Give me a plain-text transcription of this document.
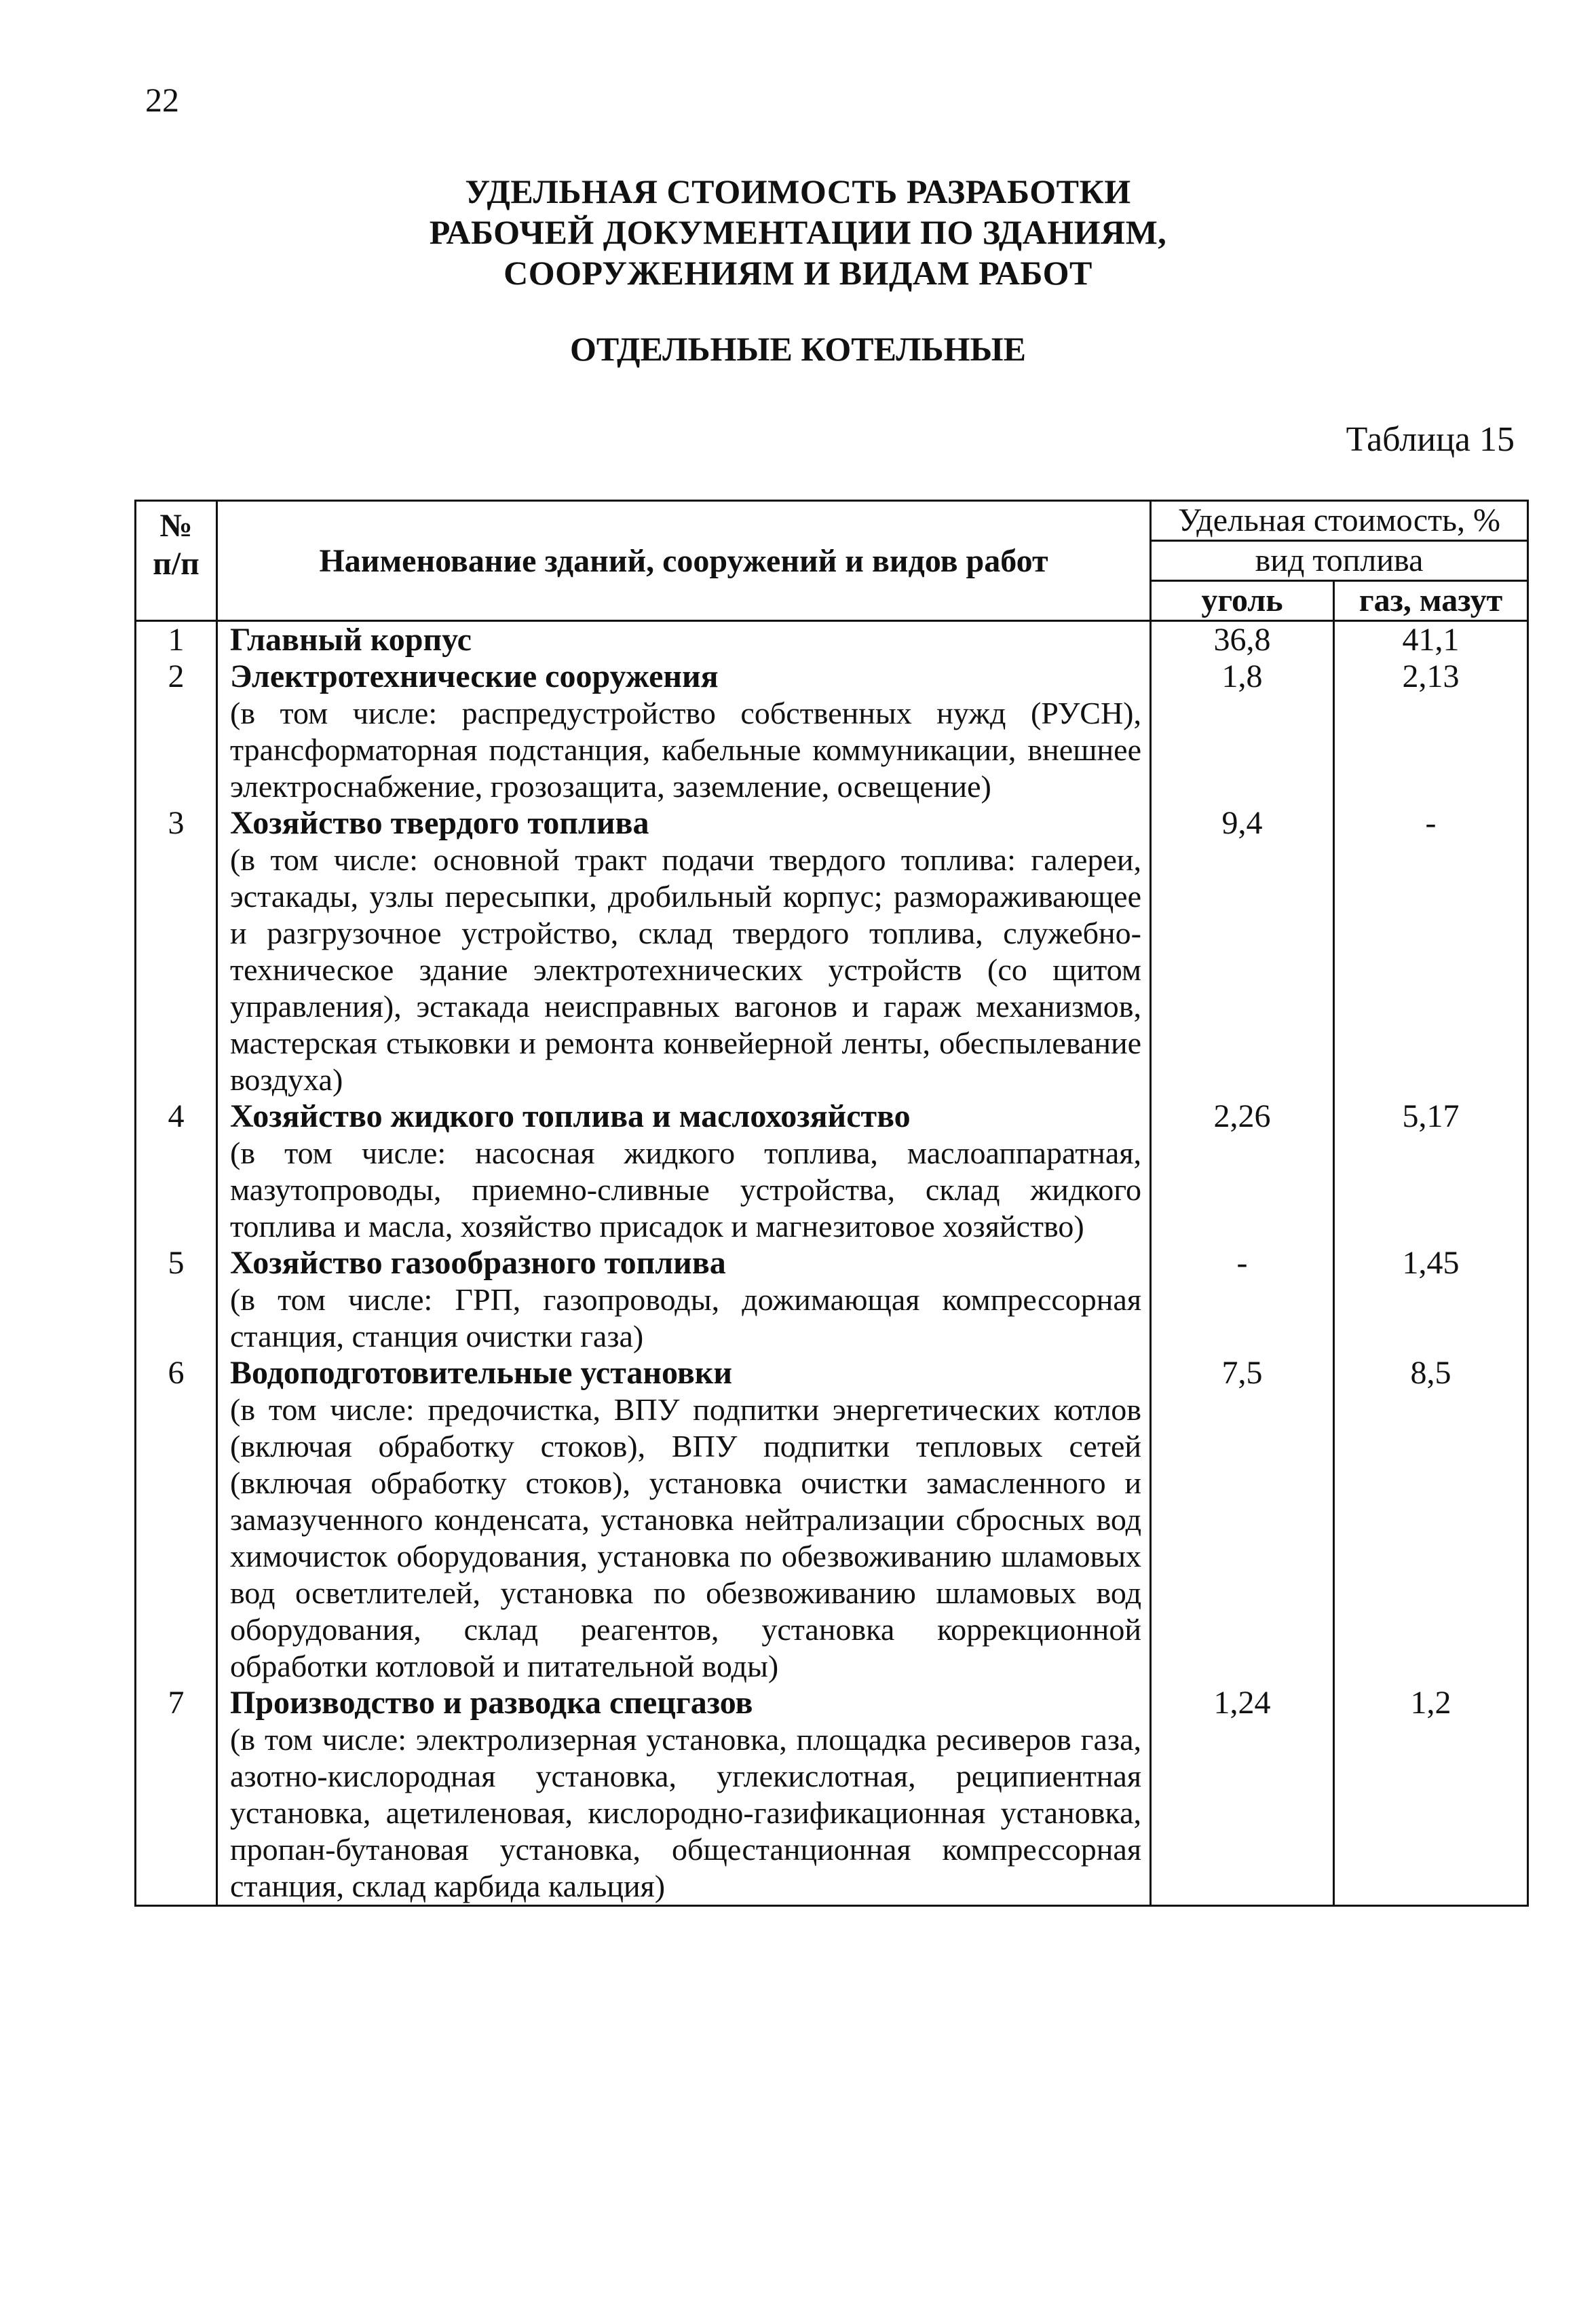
22
УДЕЛЬНАЯ СТОИМОСТЬ РАЗРАБОТКИ
РАБОЧЕЙ ДОКУМЕНТАЦИИ ПО ЗДАНИЯМ,
СООРУЖЕНИЯМ И ВИДАМ РАБОТ
ОТДЕЛЬНЫЕ КОТЕЛЬНЫЕ
Таблица 15
№
п/п	Наименование зданий, сооружений и видов работ	Удельная стоимость, %	
		вид топлива	
		уголь	газ, мазут
1	Главный корпус	36,8	41,1
2	Электротехнические сооружения
(в том числе: распредустройство собственных нужд (РУСН), трансформаторная подстанция, кабельные коммуникации, внешнее электроснабжение, грозозащита, заземление, освещение)	1,8	2,13
3	Хозяйство твердого топлива
(в том числе: основной тракт подачи твердого топлива: галереи, эстакады, узлы пересыпки, дробильный корпус; размораживающее и разгрузочное устройство, склад твердого топлива, служебно-техническое здание электротехнических устройств (со щитом управления), эстакада неисправных вагонов и гараж механизмов, мастерская стыковки и ремонта конвейерной ленты, обеспылевание воздуха)	9,4	-
4	Хозяйство жидкого топлива и маслохозяйство
(в том числе: насосная жидкого топлива, маслоаппаратная, мазутопроводы, приемно-сливные устройства, склад жидкого топлива и масла, хозяйство присадок и магнезитовое хозяйство)	2,26	5,17
5	Хозяйство газообразного топлива
(в том числе: ГРП, газопроводы, дожимающая компрессорная станция, станция очистки газа)	-	1,45
6	Водоподготовительные установки
(в том числе: предочистка, ВПУ подпитки энергетических котлов (включая обработку стоков), ВПУ подпитки тепловых сетей (включая обработку стоков), установка очистки замасленного и замазученного конденсата, установка нейтрализации сбросных вод химочисток оборудования, установка по обезвоживанию шламовых вод осветлителей, установка по обезвоживанию шламовых вод оборудования, склад реагентов, установка коррекционной обработки котловой и питательной воды)	7,5	8,5
7	Производство и разводка спецгазов
(в том числе: электролизерная установка, площадка ресиверов газа, азотно-кислородная установка, углекислотная, реципиентная установка, ацетиленовая, кислородно-газификационная установка, пропан-бутановая установка, общестанционная компрессорная станция, склад карбида кальция)	1,24	1,2
